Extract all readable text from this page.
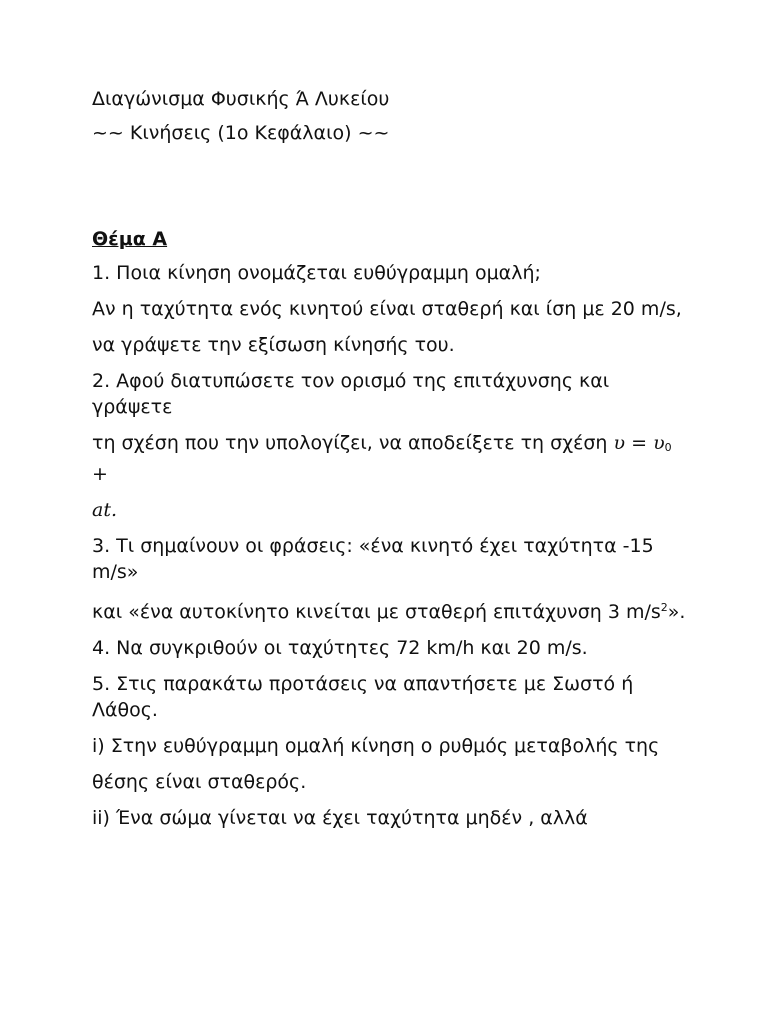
Διαγώνισμα Φυσικής Ά Λυκείου

~~ Κινήσεις (1ο Κεφάλαιο) ~~

Θέμα Α

1. Ποια κίνηση ονομάζεται ευθύγραμμη ομαλή;

Αν η ταχύτητα ενός κινητού είναι σταθερή και ίση με 20 m/s,

να γράψετε την εξίσωση κίνησής του.

2. Αφού διατυπώσετε τον ορισμό της επιτάχυνσης και γράψετε

τη σχέση που την υπολογίζει, να αποδείξετε τη σχέση υ = υ0 +

at.

3. Τι σημαίνουν οι φράσεις: «ένα κινητό έχει ταχύτητα -15 m/s»

και «ένα αυτοκίνητο κινείται με σταθερή επιτάχυνση 3 $m/s^2$».

4. Να συγκριθούν οι ταχύτητες 72 km/h και 20 m/s.

5. Στις παρακάτω προτάσεις να απαντήσετε με Σωστό ή Λάθος.

i) Στην ευθύγραμμη ομαλή κίνηση ο ρυθμός μεταβολής της

θέσης είναι σταθερός.

ii) Ένα σώμα γίνεται να έχει ταχύτητα μηδέν , αλλά
